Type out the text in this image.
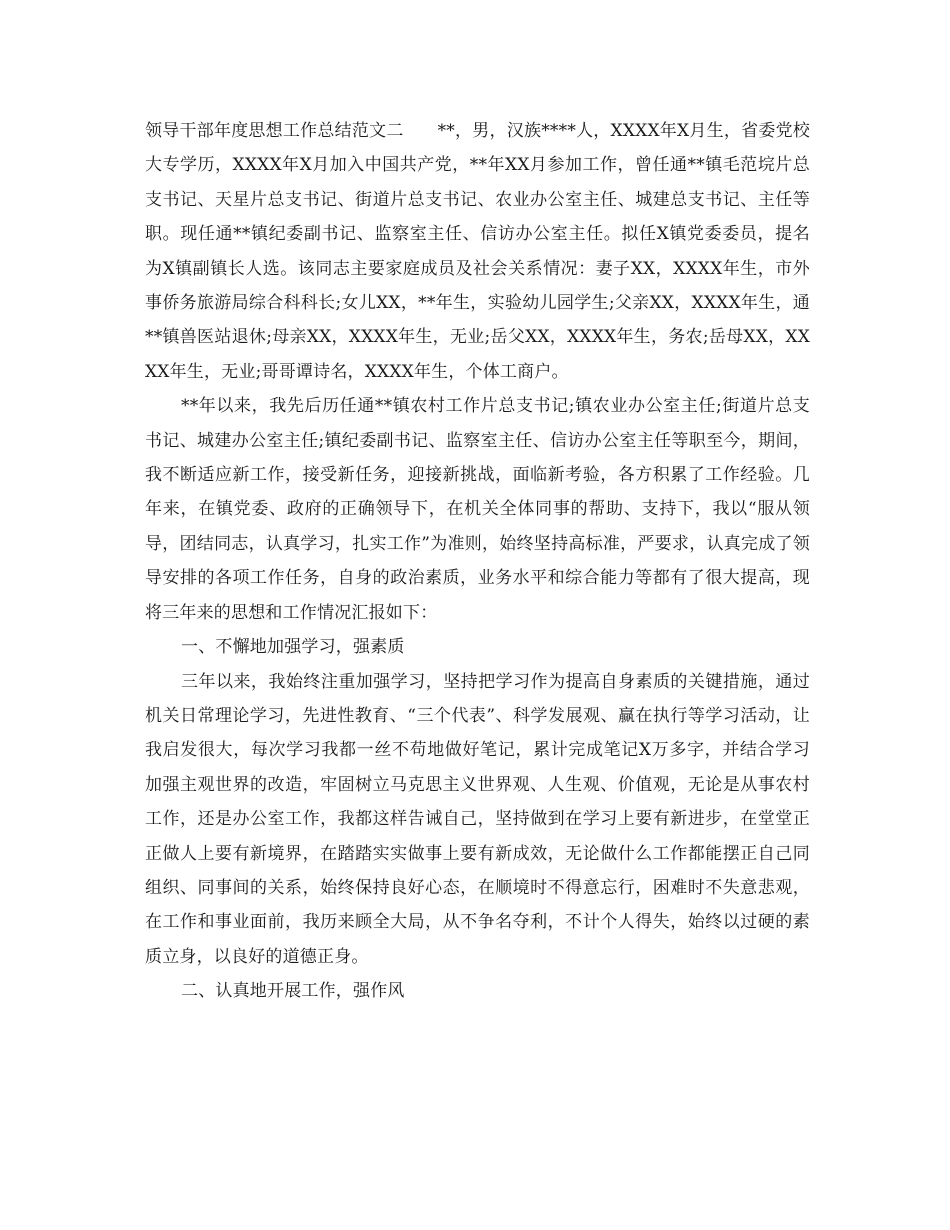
领导干部年度思想工作总结范文二 **，男，汉族****人，XXXX年X月生，省委党校大专学历，XXXX年X月加入中国共产党，**年XX月参加工作，曾任通**镇毛范垸片总支书记、天星片总支书记、街道片总支书记、农业办公室主任、城建总支书记、主任等职。现任通**镇纪委副书记、监察室主任、信访办公室主任。拟任X镇党委委员，提名为X镇副镇长人选。该同志主要家庭成员及社会关系情况：妻子XX，XXXX年生，市外事侨务旅游局综合科科长;女儿XX，**年生，实验幼儿园学生;父亲XX，XXXX年生，通**镇兽医站退休;母亲XX，XXXX年生，无业;岳父XX，XXXX年生，务农;岳母XX，XXXX年生，无业;哥哥谭诗名，XXXX年生，个体工商户。

**年以来，我先后历任通**镇农村工作片总支书记;镇农业办公室主任;街道片总支书记、城建办公室主任;镇纪委副书记、监察室主任、信访办公室主任等职至今，期间，我不断适应新工作，接受新任务，迎接新挑战，面临新考验，各方积累了工作经验。几年来，在镇党委、政府的正确领导下，在机关全体同事的帮助、支持下，我以“服从领导，团结同志，认真学习，扎实工作”为准则，始终坚持高标准，严要求，认真完成了领导安排的各项工作任务，自身的政治素质，业务水平和综合能力等都有了很大提高，现将三年来的思想和工作情况汇报如下：

一、不懈地加强学习，强素质

三年以来，我始终注重加强学习，坚持把学习作为提高自身素质的关键措施，通过机关日常理论学习，先进性教育、“三个代表”、科学发展观、赢在执行等学习活动，让我启发很大，每次学习我都一丝不苟地做好笔记，累计完成笔记X万多字，并结合学习加强主观世界的改造，牢固树立马克思主义世界观、人生观、价值观，无论是从事农村工作，还是办公室工作，我都这样告诫自己，坚持做到在学习上要有新进步，在堂堂正正做人上要有新境界，在踏踏实实做事上要有新成效，无论做什么工作都能摆正自己同组织、同事间的关系，始终保持良好心态，在顺境时不得意忘行，困难时不失意悲观，在工作和事业面前，我历来顾全大局，从不争名夺利，不计个人得失，始终以过硬的素质立身，以良好的道德正身。

二、认真地开展工作，强作风
